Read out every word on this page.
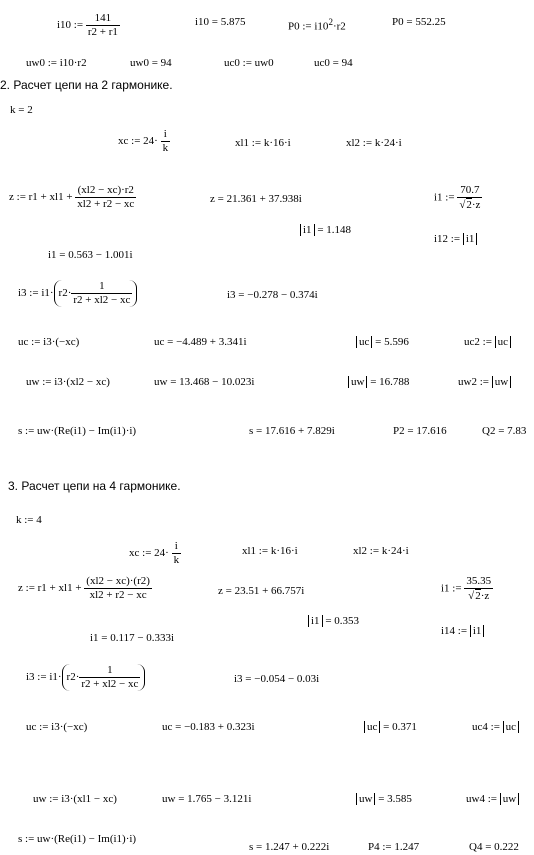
i10 := $\frac{141}{r2 + r1}$	i10 = 5.875	P0 := $i10^2\cdot r2$	P0 = 552.25
uw0 := i10·r2	uw0 = 94	uc0 := uw0	uc0 = 94
2. Расчет цепи на 2 гармонике.
k = 2
xc := $24\cdot \frac{i}{k}$	xl1 := k·16·i	xl2 := k·24·i
z := $r1 + xl1 + \frac{(xl2 - xc)\cdot r2}{xl2 + r2 - xc}$	z = 21.361 + 37.938i	i1 := $\frac{70.7}{√2\cdot z}$
i1 = 1.148
i12 := i1
i1 = 0.563 − 1.001i
i3 := $i1\cdot r2\cdot \frac{1}{r2 + xl2 - xc}$	i3 = −0.278 − 0.374i
uc := i3·(−xc)	uc = −4.489 + 3.341i	uc = 5.596	uc2 := uc
uw := i3·(xl2 − xc)	uw = 13.468 − 10.023i	uw = 16.788	uw2 := uw
s := uw·(Re(i1) − Im(i1)·i)	s = 17.616 + 7.829i	P2 = 17.616	Q2 = 7.83
3. Расчет цепи на 4 гармонике.
k := 4
xc := $24\cdot \frac{i}{k}$	xl1 := k·16·i	xl2 := k·24·i
z := $r1 + xl1 + \frac{(xl2 - xc)\cdot(r2)}{xl2 + r2 - xc}$	z = 23.51 + 66.757i	i1 := $\frac{35.35}{√2\cdot z}$
i1 = 0.353
i14 := i1
i1 = 0.117 − 0.333i
i3 := $i1\cdot r2\cdot \frac{1}{r2 + xl2 - xc}$	i3 = −0.054 − 0.03i
uc := i3·(−xc)	uc = −0.183 + 0.323i	uc = 0.371	uc4 := uc
uw := i3·(xl1 − xc)	uw = 1.765 − 3.121i	uw = 3.585	uw4 := uw
s := uw·(Re(i1) − Im(i1)·i)
s = 1.247 + 0.222i	P4 := 1.247	Q4 = 0.222
